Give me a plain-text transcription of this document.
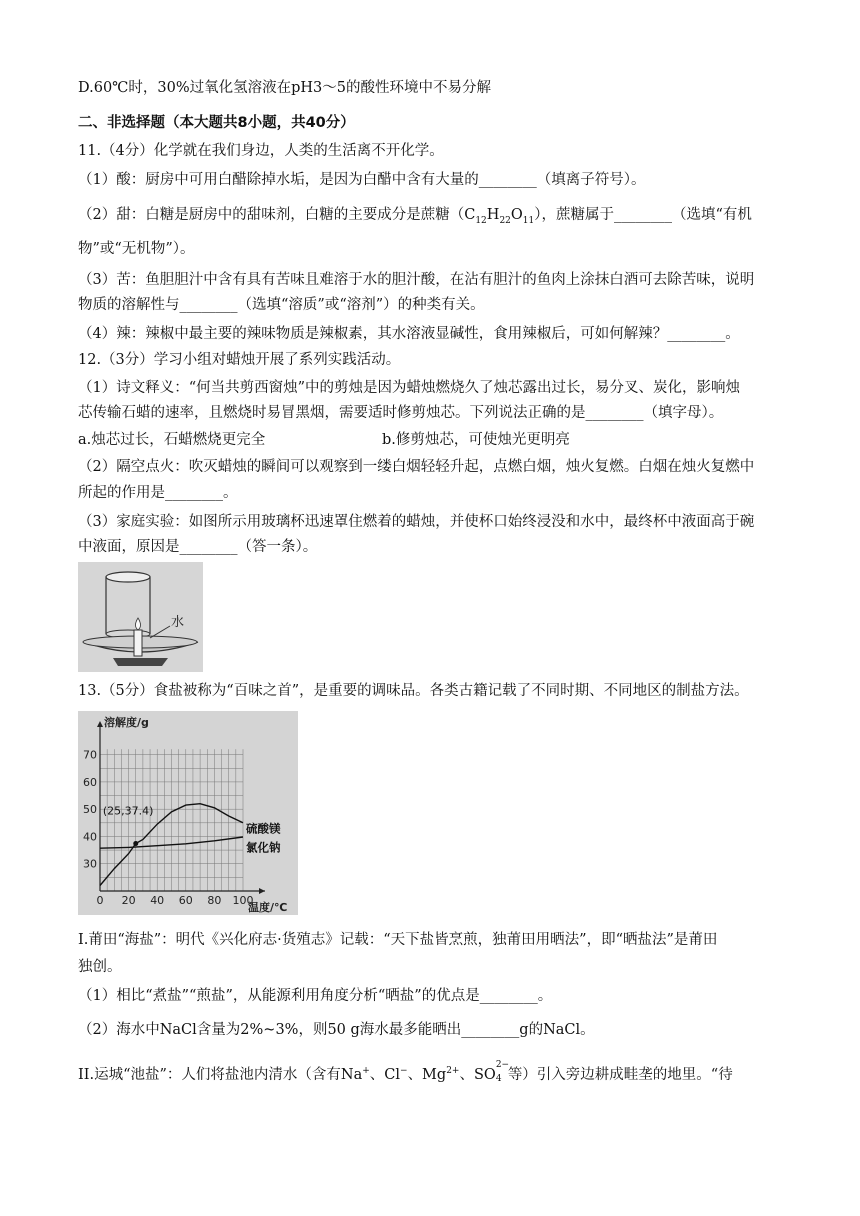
D.60℃时，30%过氧化氢溶液在pH3～5的酸性环境中不易分解
二、非选择题（本大题共8小题，共40分）
11.（4分）化学就在我们身边，人类的生活离不开化学。
（1）酸：厨房中可用白醋除掉水垢，是因为白醋中含有大量的________（填离子符号）。
（2）甜：白糖是厨房中的甜味剂，白糖的主要成分是蔗糖$(C_{12}H_{22}O_{11})$，蔗糖属于________（选填“有机
物”或“无机物”）。
（3）苦：鱼胆胆汁中含有具有苦味且难溶于水的胆汁酸，在沾有胆汁的鱼肉上涂抹白酒可去除苦味，说明
物质的溶解性与________（选填“溶质”或“溶剂”）的种类有关。
（4）辣：辣椒中最主要的辣味物质是辣椒素，其水溶液显碱性，食用辣椒后，可如何解辣？________。
12.（3分）学习小组对蜡烛开展了系列实践活动。
（1）诗文释义：“何当共剪西窗烛”中的剪烛是因为蜡烛燃烧久了烛芯露出过长，易分叉、炭化，影响烛
芯传输石蜡的速率，且燃烧时易冒黑烟，需要适时修剪烛芯。下列说法正确的是________（填字母）。
a.烛芯过长，石蜡燃烧更完全	b.修剪烛芯，可使烛光更明亮
（2）隔空点火：吹灭蜡烛的瞬间可以观察到一缕白烟轻轻升起，点燃白烟，烛火复燃。白烟在烛火复燃中
所起的作用是________。
（3）家庭实验：如图所示用玻璃杯迅速罩住燃着的蜡烛，并使杯口始终浸没和水中，最终杯中液面高于碗
中液面，原因是________（答一条）。
水
13.（5分）食盐被称为“百味之首”，是重要的调味品。各类古籍记载了不同时期、不同地区的制盐方法。
0 20 40 60 80 100
30
40
50
60
70
溶解度/g
温度/℃
硫酸镁
氯化钠
(25,37.4)
I.莆田“海盐”：明代《兴化府志·货殖志》记载：“天下盐皆烹煎，独莆田用晒法”，即“晒盐法”是莆田
独创。
（1）相比“煮盐”“煎盐”，从能源利用角度分析“晒盐”的优点是________。
（2）海水中NaCl含量为2%~3%，则50 g海水最多能晒出________g的NaCl。
II.运城“池盐”：人们将盐池内清水（含有Na+、Cl−、$Mg^{2+}$、SO
2−
4 等）引入旁边耕成畦垄的地里。“待
